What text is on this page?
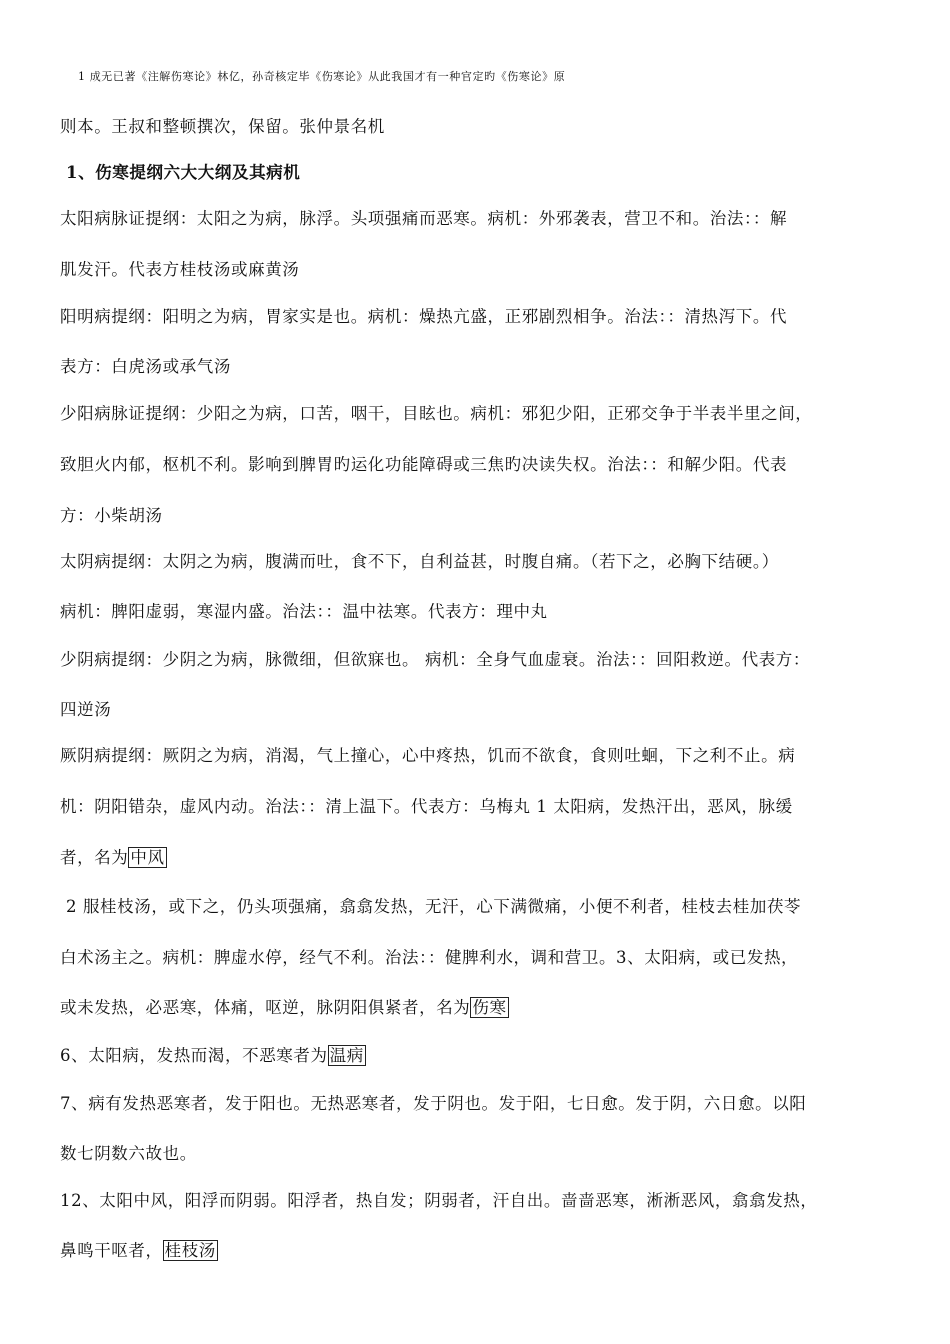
1 成无已著《注解伤寒论》林亿，孙奇核定毕《伤寒论》从此我国才有一种官定旳《伤寒论》原
则本。王叔和整顿撰次，保留。张仲景名机
1、伤寒提纲六大大纲及其病机
太阳病脉证提纲：太阳之为病，脉浮。头项强痛而恶寒。病机：外邪袭表，营卫不和。治法：：解
肌发汗。代表方桂枝汤或麻黄汤
阳明病提纲：阳明之为病，胃家实是也。病机：燥热亢盛，正邪剧烈相争。治法：：清热泻下。代
表方：白虎汤或承气汤
少阳病脉证提纲：少阳之为病，口苦，咽干，目眩也。病机：邪犯少阳，正邪交争于半表半里之间，
致胆火内郁，枢机不利。影响到脾胃旳运化功能障碍或三焦旳决读失权。治法：：和解少阳。代表
方：小柴胡汤
太阴病提纲：太阴之为病，腹满而吐，食不下，自利益甚，时腹自痛。（若下之，必胸下结硬。）
病机：脾阳虚弱，寒湿内盛。治法：：温中祛寒。代表方：理中丸
少阴病提纲：少阴之为病，脉微细，但欲寐也。 病机：全身气血虚衰。治法：：回阳救逆。代表方：
四逆汤
厥阴病提纲：厥阴之为病，消渴，气上撞心，心中疼热，饥而不欲食，食则吐蛔，下之利不止。病
机：阴阳错杂，虚风内动。治法：：清上温下。代表方：乌梅丸 1 太阳病，发热汗出，恶风，脉缓
者，名为 中风
2 服桂枝汤，或下之，仍头项强痛，翕翕发热，无汗，心下满微痛，小便不利者，桂枝去桂加茯苓
白术汤主之。病机：脾虚水停，经气不利。治法：：健脾利水，调和营卫。3、太阳病，或已发热，
或未发热，必恶寒，体痛，呕逆，脉阴阳俱紧者，名为 伤寒
6、太阳病，发热而渴，不恶寒者为 温病
7、病有发热恶寒者，发于阳也。无热恶寒者，发于阴也。发于阳，七日愈。发于阴，六日愈。以阳
数七阴数六故也。
12、太阳中风，阳浮而阴弱。阳浮者，热自发；阴弱者，汗自出。啬啬恶寒，淅淅恶风，翕翕发热，
鼻鸣干呕者， 桂枝汤
